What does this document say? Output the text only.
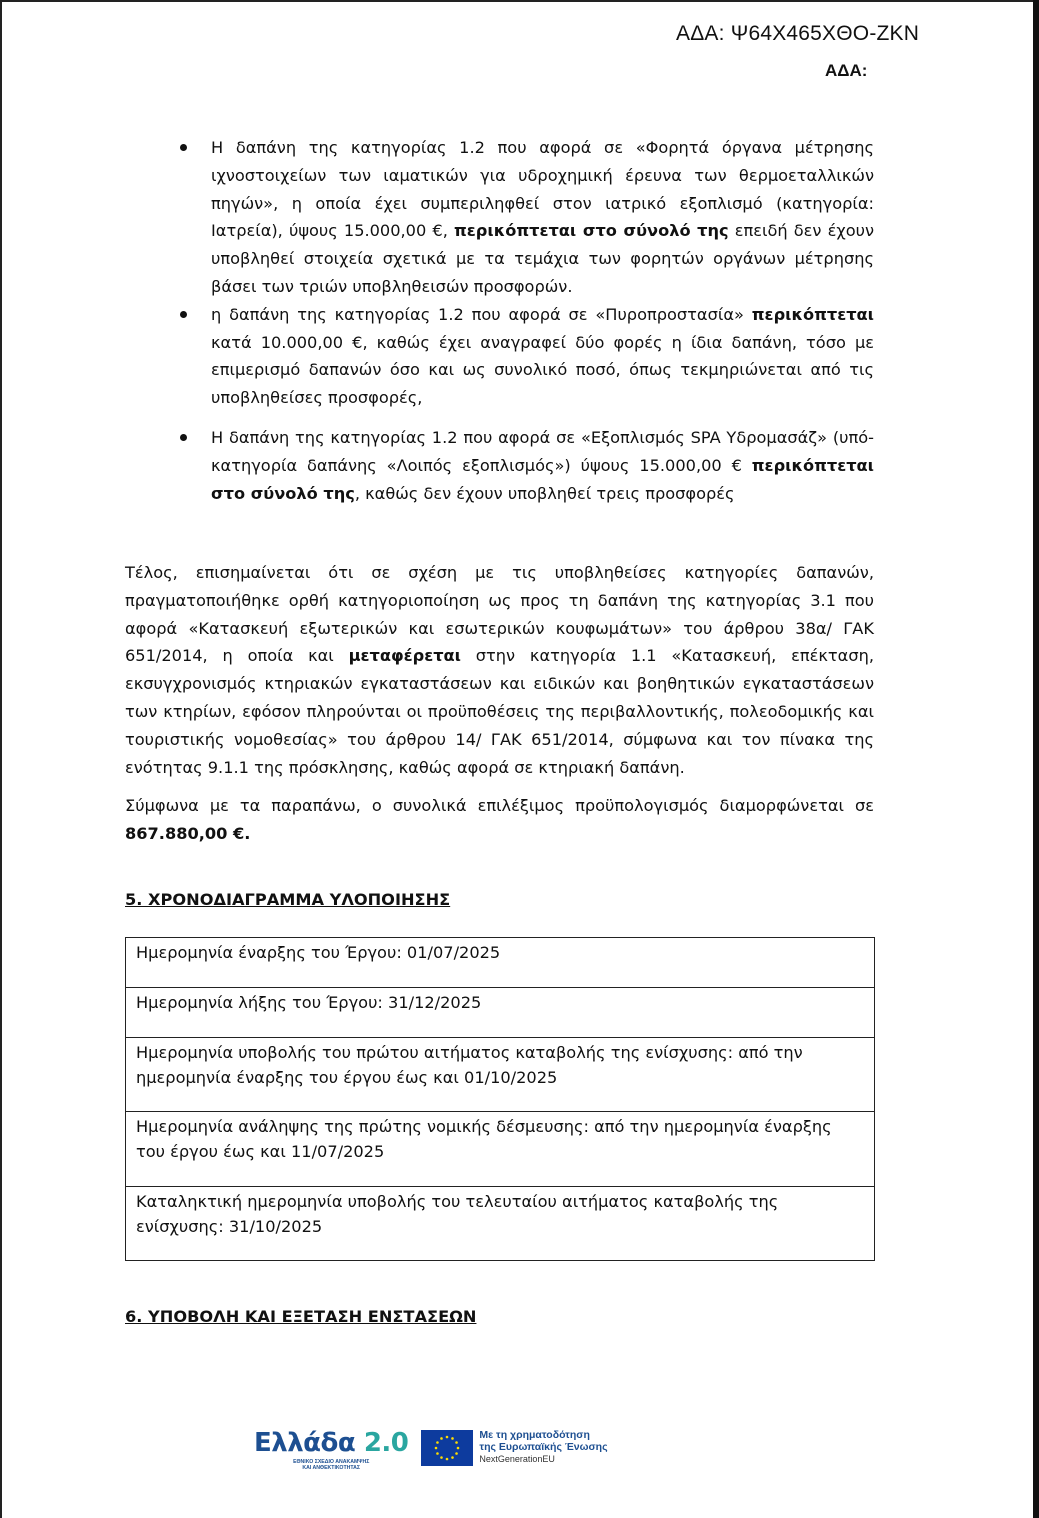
ΑΔΑ: Ψ64Χ465ΧΘΟ-ΖΚΝ
ΑΔΑ:
Η δαπάνη της κατηγορίας 1.2 που αφορά σε «Φορητά όργανα μέτρησης ιχνοστοιχείων των ιαματικών για υδροχημική έρευνα των θερμοεταλλικών πηγών», η οποία έχει συμπεριληφθεί στον ιατρικό εξοπλισμό (κατηγορία: Ιατρεία), ύψους 15.000,00 €, περικόπτεται στο σύνολό της επειδή δεν έχουν υποβληθεί στοιχεία σχετικά με τα τεμάχια των φορητών οργάνων μέτρησης βάσει των τριών υποβληθεισών προσφορών.
η δαπάνη της κατηγορίας 1.2 που αφορά σε «Πυροπροστασία» περικόπτεται κατά 10.000,00 €, καθώς έχει αναγραφεί δύο φορές η ίδια δαπάνη, τόσο με επιμερισμό δαπανών όσο και ως συνολικό ποσό, όπως τεκμηριώνεται από τις υποβληθείσες προσφορές,
Η δαπάνη της κατηγορίας 1.2 που αφορά σε «Εξοπλισμός SPA Υδρομασάζ» (υπό-κατηγορία δαπάνης «Λοιπός εξοπλισμός») ύψους 15.000,00 € περικόπτεται στο σύνολό της, καθώς δεν έχουν υποβληθεί τρεις προσφορές

Τέλος, επισημαίνεται ότι σε σχέση με τις υποβληθείσες κατηγορίες δαπανών, πραγματοποιήθηκε ορθή κατηγοριοποίηση ως προς τη δαπάνη της κατηγορίας 3.1 που αφορά «Κατασκευή εξωτερικών και εσωτερικών κουφωμάτων» του άρθρου 38α/ ΓΑΚ 651/2014, η οποία και μεταφέρεται στην κατηγορία 1.1 «Κατασκευή, επέκταση, εκσυγχρονισμός κτηριακών εγκαταστάσεων και ειδικών και βοηθητικών εγκαταστάσεων των κτηρίων, εφόσον πληρούνται οι προϋποθέσεις της περιβαλλοντικής, πολεοδομικής και τουριστικής νομοθεσίας» του άρθρου 14/ ΓΑΚ 651/2014, σύμφωνα και τον πίνακα της ενότητας 9.1.1 της πρόσκλησης, καθώς αφορά σε κτηριακή δαπάνη.

Σύμφωνα με τα παραπάνω, ο συνολικά επιλέξιμος προϋπολογισμός διαμορφώνεται σε 867.880,00 €.

5. ΧΡΟΝΟΔΙΑΓΡΑΜΜΑ ΥΛΟΠΟΙΗΣΗΣ
Ημερομηνία έναρξης του Έργου: 01/07/2025
Ημερομηνία λήξης του Έργου: 31/12/2025
Ημερομηνία υποβολής του πρώτου αιτήματος καταβολής της ενίσχυσης: από την ημερομηνία έναρξης του έργου έως και 01/10/2025
Ημερομηνία ανάληψης της πρώτης νομικής δέσμευσης: από την ημερομηνία έναρξης του έργου έως και 11/07/2025
Καταληκτική ημερομηνία υποβολής του τελευταίου αιτήματος καταβολής της ενίσχυσης: 31/10/2025
6. ΥΠΟΒΟΛΗ ΚΑΙ ΕΞΕΤΑΣΗ ΕΝΣΤΑΣΕΩΝ
Ελλάδα 2.0
ΕΘΝΙΚΟ ΣΧΕΔΙΟ ΑΝΑΚΑΜΨΗΣ
ΚΑΙ ΑΝΘΕΚΤΙΚΟΤΗΤΑΣ
Με τη χρηματοδότηση
της Ευρωπαϊκής Ένωσης
NextGenerationEU
